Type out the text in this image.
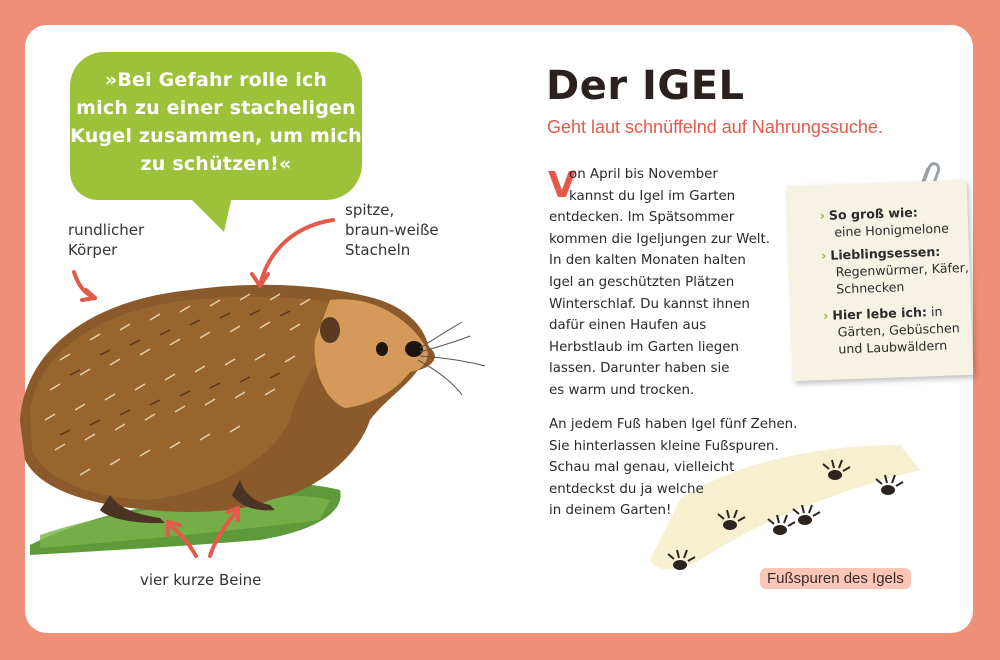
»Bei Gefahr rolle ich
mich zu einer stacheligen
Kugel zusammen, um mich
zu schützen!«
rundlicher
Körper
spitze,
braun-weiße
Stacheln
vier kurze Beine
Der IGEL
Geht laut schnüffelnd auf Nahrungssuche.
V
on April bis November
kannst du Igel im Garten
entdecken. Im Spätsommer
kommen die Igeljungen zur Welt.
In den kalten Monaten halten
Igel an geschützten Plätzen
Winterschlaf. Du kannst ihnen
dafür einen Haufen aus
Herbstlaub im Garten liegen
lassen. Darunter haben sie
es warm und trocken.
An jedem Fuß haben Igel fünf Zehen.
Sie hinterlassen kleine Fußspuren.
Schau mal genau, vielleicht
entdeckst du ja welche
in deinem Garten!
› So groß wie:
eine Honigmelone
› Lieblingsessen:
Regenwürmer, Käfer,
Schnecken
› Hier lebe ich: in
Gärten, Gebüschen
und Laubwäldern
Fußspuren des Igels
